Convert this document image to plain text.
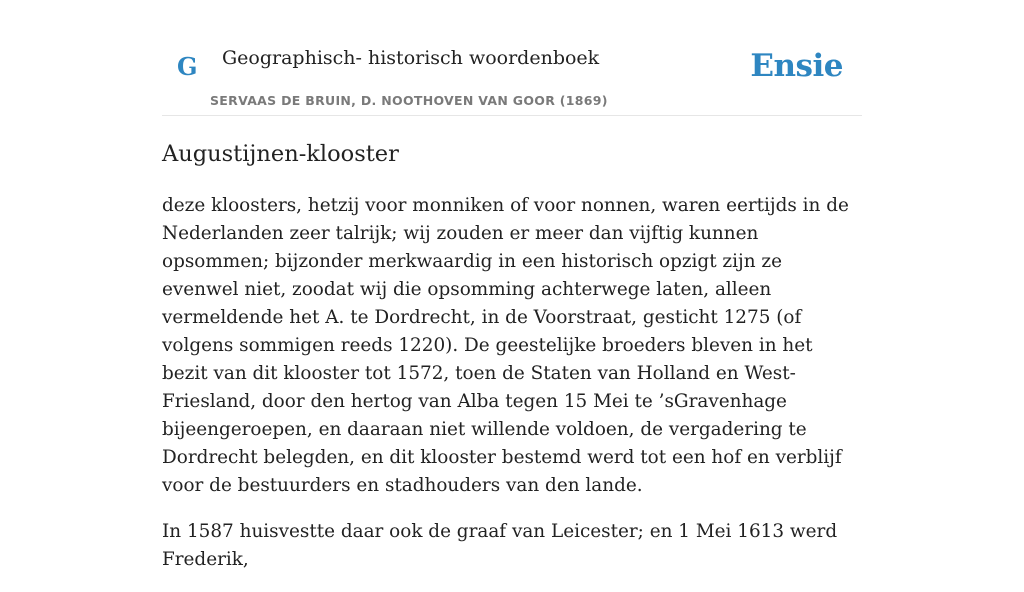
G Geographisch- historisch woordenboek
SERVAAS DE BRUIN, D. NOOTHOVEN VAN GOOR (1869)
Ensie
Augustijnen-klooster

deze kloosters, hetzij voor monniken of voor nonnen, waren eertijds in de Nederlanden zeer talrijk; wij zouden er meer dan vijftig kunnen opsommen; bijzonder merkwaardig in een historisch opzigt zijn ze evenwel niet, zoodat wij die opsomming achterwege laten, alleen vermeldende het A. te Dordrecht, in de Voorstraat, gesticht 1275 (of volgens sommigen reeds 1220). De geestelijke broeders bleven in het bezit van dit klooster tot 1572, toen de Staten van Holland en West-Friesland, door den hertog van Alba tegen 15 Mei te ’sGravenhage bijeengeroepen, en daaraan niet willende voldoen, de vergadering te Dordrecht belegden, en dit klooster bestemd werd tot een hof en verblijf voor de bestuurders en stadhouders van den lande.

In 1587 huisvestte daar ook de graaf van Leicester; en 1 Mei 1613 werd Frederik,
